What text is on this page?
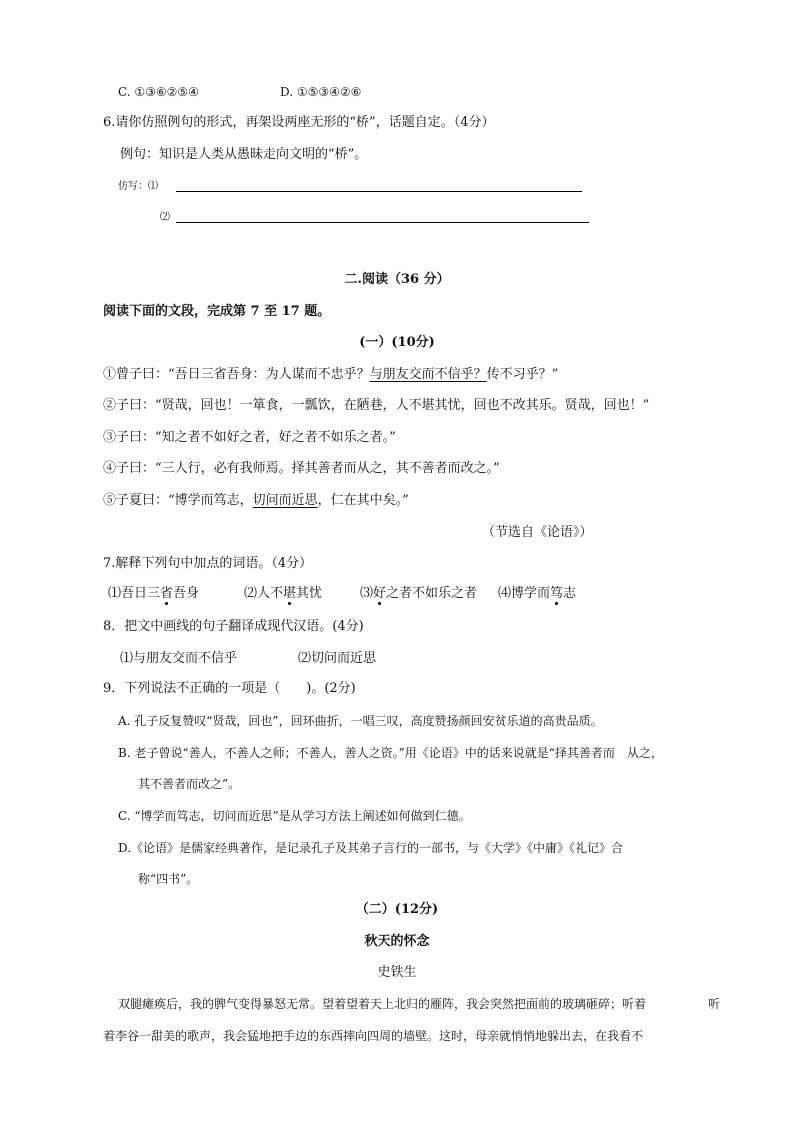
C. ①③⑥②⑤④	D. ①⑤③④②⑥
6.请你仿照例句的形式，再架设两座无形的“桥”，话题自定。（4分）
例句：知识是人类从愚昧走向文明的“桥”。
仿写：⑴
⑵
二.阅读（36 分）
阅读下面的文段，完成第 7 至 17 题。
(一）(10分)
①曾子曰：“吾日三省吾身：为人谋而不忠乎？与朋友交而不信乎？传不习乎？”
②子曰：“贤哉，回也！一箪食，一瓢饮，在陋巷，人不堪其忧，回也不改其乐。贤哉，回也！”
③子曰：“知之者不如好之者，好之者不如乐之者。”
④子曰：“三人行，必有我师焉。择其善者而从之，其不善者而改之。”
⑤子夏曰：“博学而笃志，切问而近思，仁在其中矣。”
（节选自《论语》）
7.解释下列句中加点的词语。（4分）
⑴吾日三省吾身	⑵人不堪其忧	⑶好之者不如乐之者 ⑷博学而笃志
8．把文中画线的句子翻译成现代汉语。(4分)
⑴与朋友交而不信乎	⑵切问而近思
9．下列说法不正确的一项是（　　)。(2分)
A. 孔子反复赞叹“贤哉，回也”，回环曲折，一唱三叹，高度赞扬颜回安贫乐道的高贵品质。
B. 老子曾说“善人，不善人之师；不善人，善人之资。”用《论语》中的话来说就是“择其善者而　从之，
其不善者而改之”。
C. “博学而笃志，切问而近思”是从学习方法上阐述如何做到仁德。
D.《论语》是儒家经典著作，是记录孔子及其弟子言行的一部书，与《大学》《中庸》《礼记》合
称“四书”。
（二）(12分)
秋天的怀念
史铁生
双腿瘫痪后，我的脾气变得暴怒无常。望着望着天上北归的雁阵，我会突然把面前的玻璃砸碎；听着	听
着李谷一甜美的歌声，我会猛地把手边的东西摔向四周的墙壁。这时，母亲就悄悄地躲出去，在我看不
